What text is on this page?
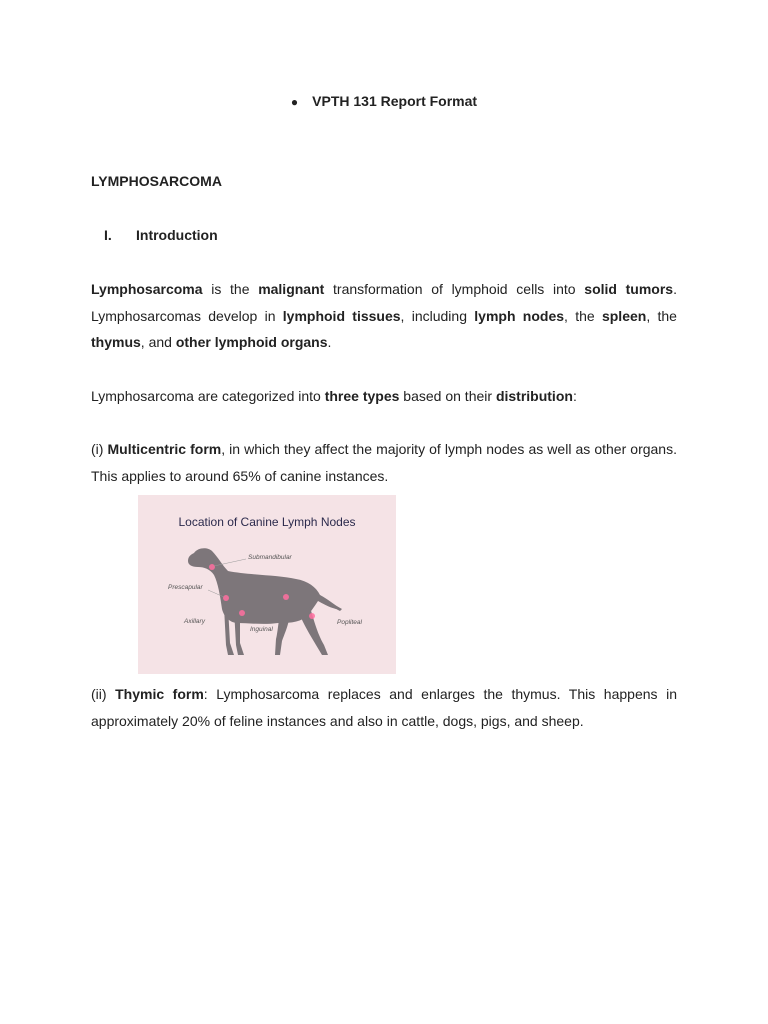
● VPTH 131 Report Format
LYMPHOSARCOMA
I. Introduction

Lymphosarcoma is the malignant transformation of lymphoid cells into solid tumors. Lymphosarcomas develop in lymphoid tissues, including lymph nodes, the spleen, the thymus, and other lymphoid organs.

Lymphosarcoma are categorized into three types based on their distribution:

(i) Multicentric form, in which they affect the majority of lymph nodes as well as other organs. This applies to around 65% of canine instances.

Location of Canine Lymph Nodes
Submandibular
Prescapular
Axillary
Inguinal
Popliteal

(ii) Thymic form: Lymphosarcoma replaces and enlarges the thymus. This happens in approximately 20% of feline instances and also in cattle, dogs, pigs, and sheep.
